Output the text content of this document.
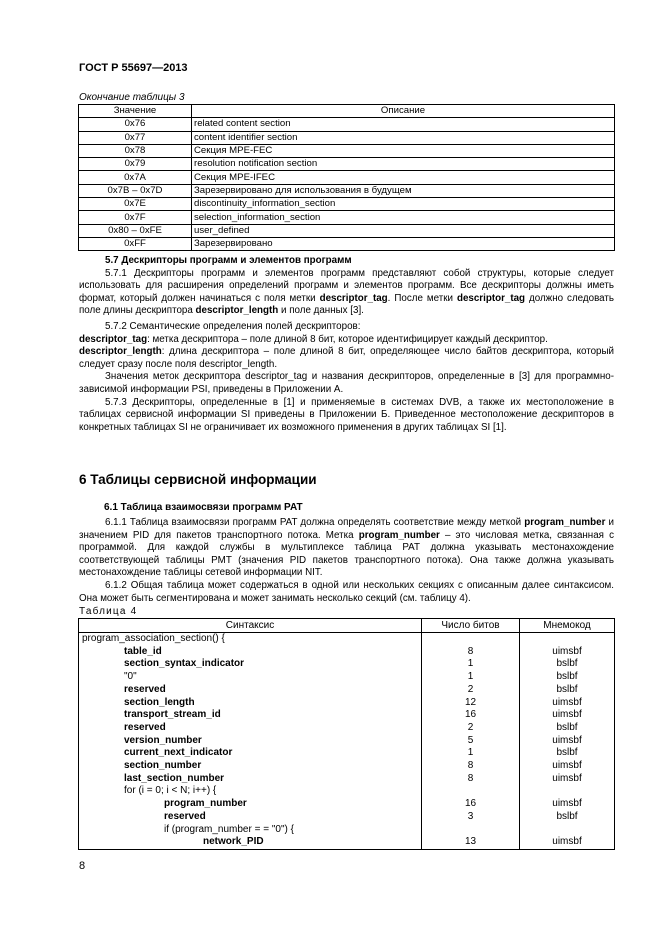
ГОСТ Р 55697—2013
Окончание таблицы 3
Значение	Описание
0x76	related content section
0x77	content identifier section
0x78	Секция MPE-FEC
0x79	resolution notification section
0x7A	Секция MPE-IFEC
0x7B – 0x7D	Зарезервировано для использования в будущем
0x7E	discontinuity_information_section
0x7F	selection_information_section
0x80 – 0xFE	user_defined
0xFF	Зарезервировано

5.7 Дескрипторы программ и элементов программ

5.7.1 Дескрипторы программ и элементов программ представляют собой структуры, которые следует использовать для расширения определений программ и элементов программ. Все дескрипторы должны иметь формат, который должен начинаться с поля метки descriptor_tag. После метки descriptor_tag должно следовать поле длины дескриптора descriptor_length и поле данных [3].

5.7.2 Семантические определения полей дескрипторов:

descriptor_tag: метка дескриптора – поле длиной 8 бит, которое идентифицирует каждый дескриптор.

descriptor_length: длина дескриптора – поле длиной 8 бит, определяющее число байтов дескриптора, который следует сразу после поля descriptor_length.

Значения меток дескриптора descriptor_tag и названия дескрипторов, определенные в [3] для программно-зависимой информации PSI, приведены в Приложении А.

5.7.3 Дескрипторы, определенные в [1] и применяемые в системах DVB, а также их местоположение в таблицах сервисной информации SI приведены в Приложении Б. Приведенное местоположение дескрипторов в конкретных таблицах SI не ограничивает их возможного применения в других таблицах SI [1].

6 Таблицы сервисной информации
6.1 Таблица взаимосвязи программ PAT

6.1.1 Таблица взаимосвязи программ PAT должна определять соответствие между меткой program_number и значением PID для пакетов транспортного потока. Метка program_number – это числовая метка, связанная с программой. Для каждой службы в мультиплексе таблица PAT должна указывать местонахождение соответствующей таблицы PMT (значения PID пакетов транспортного потока). Она также должна указывать местонахождение таблицы сетевой информации NIT.

6.1.2 Общая таблица может содержаться в одной или нескольких секциях с описанным далее синтаксисом. Она может быть сегментирована и может занимать несколько секций (см. таблицу 4).

Таблица 4
Синтаксис	Число битов	Мнемокод
program_association_section() {		
table_id	8	uimsbf
section_syntax_indicator	1	bslbf
"0"	1	bslbf
reserved	2	bslbf
section_length	12	uimsbf
transport_stream_id	16	uimsbf
reserved	2	bslbf
version_number	5	uimsbf
current_next_indicator	1	bslbf
section_number	8	uimsbf
last_section_number	8	uimsbf
for (i = 0; i < N; i++) {		
program_number	16	uimsbf
reserved	3	bslbf
if (program_number = = "0") {		
network_PID	13	uimsbf
8
